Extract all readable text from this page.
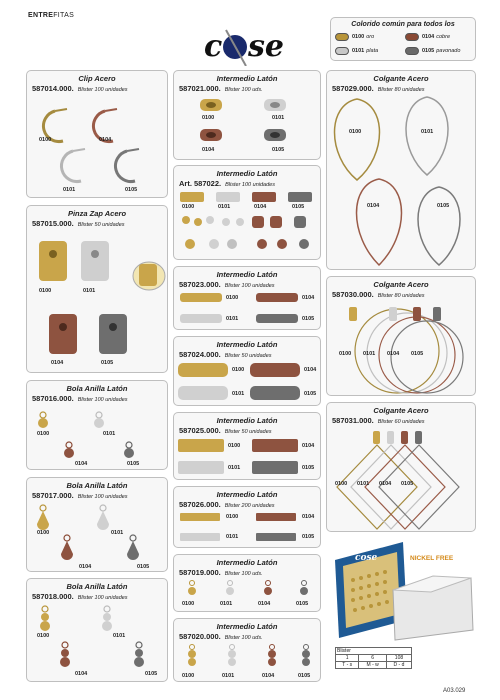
ENTREFITAS
c se
Colorido común para todos los
0100 oro	0104 cobre
0101 plata	0105 pavonado
Clip Acero
587014.000. Blister 100 unidades
0100	0104
0101	0105
Pinza Zap Acero
587015.000. Blister 50 unidades
0100	0101
0104	0105
Bola Anilla Latón
587016.000. Blister 100 unidades
0100	0101
0104	0105
Bola Anilla Latón
587017.000. Blister 100 unidades
0100	0101
0104	0105
Bola Anilla Latón
587018.000. Blister 100 unidades
0100	0101
0104	0105
Intermedio Latón
587021.000. Blister 100 uds.
0100	0101
0104	0105
Intermedio Latón
Art. 587022. Blister 100 unidades
0100	0101	0104	0105
Intermedio Latón
587023.000. Blister 100 unidades
0100	0104
0101	0105
Intermedio Latón
587024.000. Blister 50 unidades
0100	0104
0101	0105
Intermedio Latón
587025.000. Blister 50 unidades
0100	0104
0101	0105
Intermedio Latón
587026.000. Blister 200 unidades
0100	0104
0101	0105
Intermedio Latón
587019.000. Blister 100 uds.
0100	0101	0104	0105
Intermedio Latón
587020.000. Blister 100 uds.
0100	0101	0104	0105
Colgante Acero
587029.000. Blister 80 unidades
0100	0101
0104	0105
Colgante Acero
587030.000. Blister 80 unidades
0100 0101 0104 0105
Colgante Acero
587031.000. Blister 60 unidades
0100 0101 0104 0105
cose	NICKEL FREE
Blister		
1	6	108
T - s	M - w	D - d
A03.029
